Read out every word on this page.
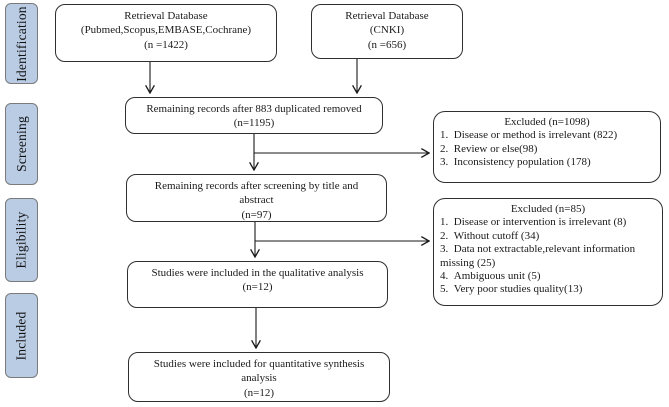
Identification
Screening
Eligibility
Included
Retrieval Database
(Pubmed,Scopus,EMBASE,Cochrane)
(n =1422)
Retrieval Database
(CNKI)
(n =656)
Remaining records after 883 duplicated removed
(n=1195)
Remaining records after screening by title and
abstract
(n=97)
Studies were included in the qualitative analysis
(n=12)
Studies were included for quantitative synthesis
analysis
(n=12)
Excluded (n=1098)
1.  Disease or method is irrelevant (822)
2.  Review or else(98)
3.  Inconsistency population (178)
Excluded (n=85)
1.  Disease or intervention is irrelevant (8)
2.  Without cutoff (34)
3.  Data not extractable,relevant information missing (25)
4.  Ambiguous unit (5)
5.  Very poor studies quality(13)
